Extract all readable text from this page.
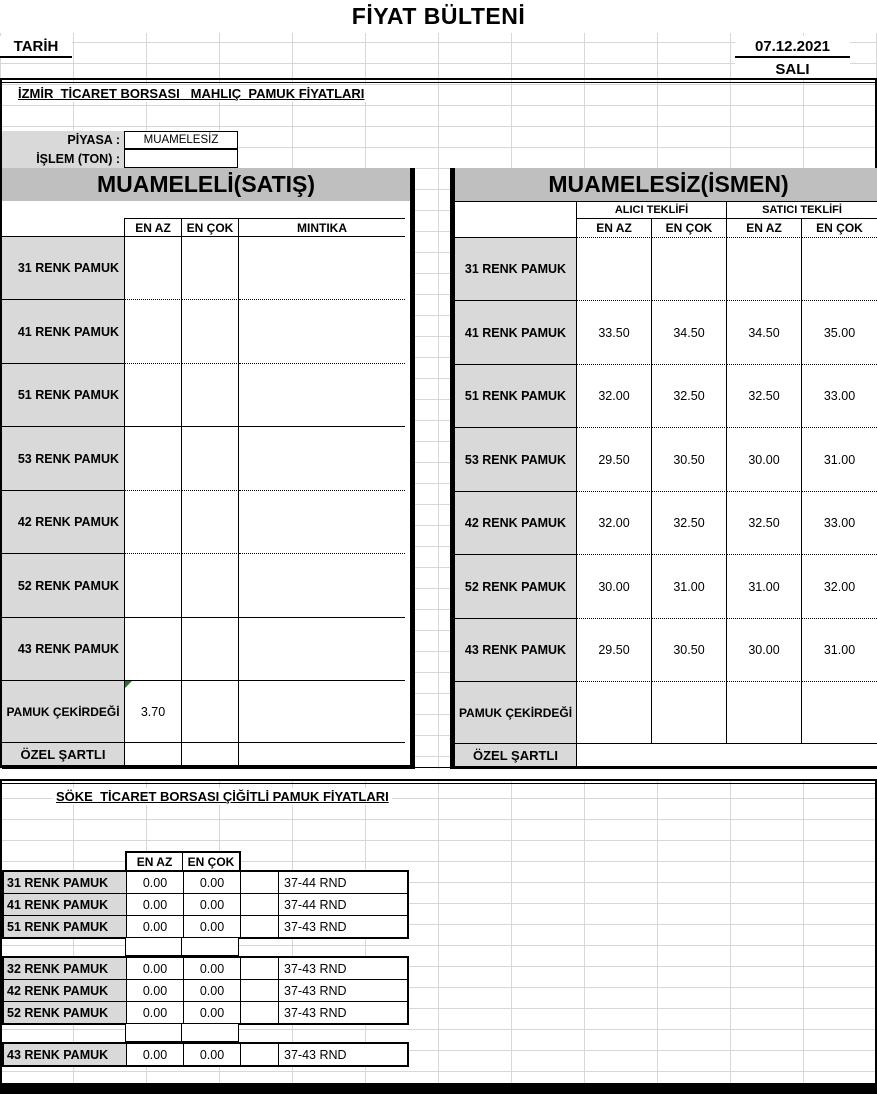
FİYAT BÜLTENİ
TARİH	07.12.2021
SALI
İZMİR  TİCARET BORSASI   MAHLIÇ  PAMUK FİYATLARI
PİYASA :	MUAMELESİZ
İŞLEM (TON) :
MUAMELELİ(SATIŞ)
EN AZ	EN ÇOK	MINTIKA
31 RENK PAMUK
41 RENK PAMUK
51 RENK PAMUK
53 RENK PAMUK
42 RENK PAMUK
52 RENK PAMUK
43 RENK PAMUK
PAMUK ÇEKİRDEĞİ	3.70
ÖZEL ŞARTLI
MUAMELESİZ(İSMEN)
ALICI TEKLİFİ	SATICI TEKLİFİ
EN AZ	EN ÇOK	EN AZ	EN ÇOK
31 RENK PAMUK
41 RENK PAMUK	33.50	34.50	34.50	35.00
51 RENK PAMUK	32.00	32.50	32.50	33.00
53 RENK PAMUK	29.50	30.50	30.00	31.00
42 RENK PAMUK	32.00	32.50	32.50	33.00
52 RENK PAMUK	30.00	31.00	31.00	32.00
43 RENK PAMUK	29.50	30.50	30.00	31.00
PAMUK ÇEKİRDEĞİ
ÖZEL ŞARTLI
SÖKE  TİCARET BORSASI ÇİĞİTLİ PAMUK FİYATLARI
EN AZ	EN ÇOK
31 RENK PAMUK	0.00	0.00	37-44 RND
41 RENK PAMUK	0.00	0.00	37-44 RND
51 RENK PAMUK	0.00	0.00	37-43 RND
32 RENK PAMUK	0.00	0.00	37-43 RND
42 RENK PAMUK	0.00	0.00	37-43 RND
52 RENK PAMUK	0.00	0.00	37-43 RND
43 RENK PAMUK	0.00	0.00	37-43 RND
